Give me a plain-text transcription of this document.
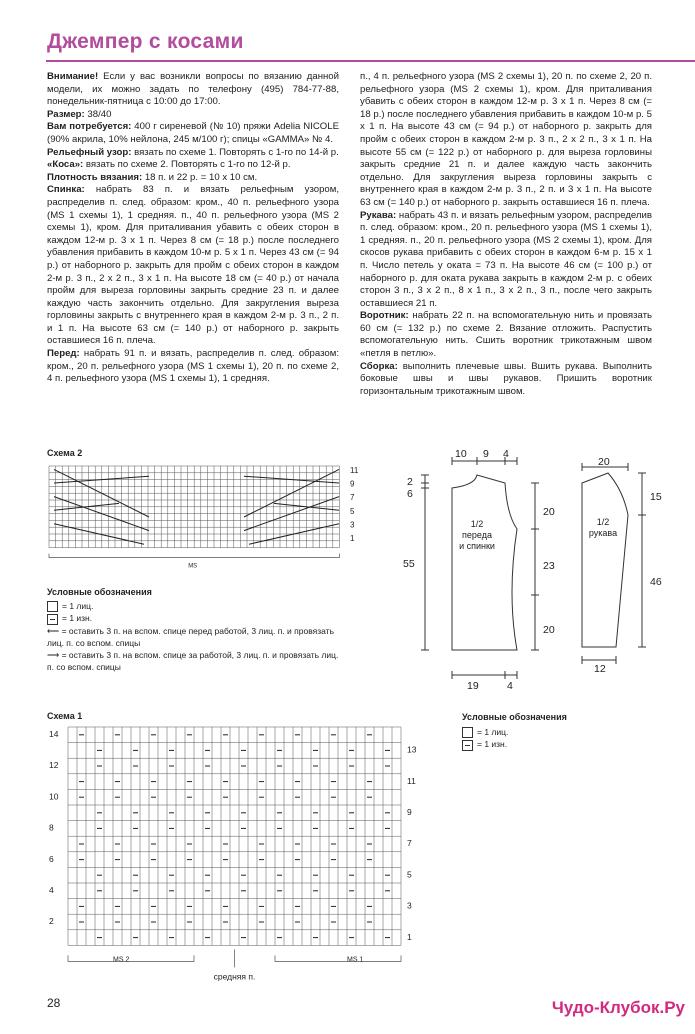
Джемпер с косами

Внимание! Если у вас возникли вопросы по вязанию данной модели, их можно задать по телефону (495) 784-77-88, понедельник-пятница с 10:00 до 17:00.

Размер: 38/40

Вам потребуется: 400 г сиреневой (№ 10) пряжи Adelia NICOLE (90% акрила, 10% нейлона, 245 м/100 г); спицы «GAMMA» № 4.

Рельефный узор: вязать по схеме 1. Повторять с 1-го по 14-й р.

«Коса»: вязать по схеме 2. Повторять с 1-го по 12-й р.

Плотность вязания: 18 п. и 22 р. = 10 х 10 см.

Спинка: набрать 83 п. и вязать рельефным узором, распределив п. след. образом: кром., 40 п. рельефного узора (MS 1 схемы 1), 1 средняя. п., 40 п. рельефного узора (MS 2 схемы 1), кром. Для приталивания убавить с обеих сторон в каждом 12-м р. 3 х 1 п. Через 8 см (= 18 р.) после последнего убавления прибавить в каждом 10-м р. 5 х 1 п. Через 43 см (= 94 р.) от наборного р. закрыть для пройм с обеих сторон в каждом 2-м р. 3 п., 2 х 2 п., 3 х 1 п. На высоте 18 см (= 40 р.) от начала пройм для выреза горловины закрыть средние 23 п. и далее каждую часть закончить отдельно. Для закругления выреза горловины закрыть с внутреннего края в каждом 2-м р. 3 п., 2 п. и 1 п. На высоте 63 см (= 140 р.) от наборного р. закрыть оставшиеся 16 п. плеча.

Перед: набрать 91 п. и вязать, распределив п. след. образом: кром., 20 п. рельефного узора (MS 1 схемы 1), 20 п. по схеме 2, 4 п. рельефного узора (MS 1 схемы 1), 1 средняя.

п., 4 п. рельефного узора (MS 2 схемы 1), 20 п. по схеме 2, 20 п. рельефного узора (MS 2 схемы 1), кром. Для приталивания убавить с обеих сторон в каждом 12-м р. 3 х 1 п. Через 8 см (= 18 р.) после последнего убавления прибавить в каждом 10-м р. 5 х 1 п. На высоте 43 см (= 94 р.) от наборного р. закрыть для пройм с обеих сторон в каждом 2-м р. 3 п., 2 х 2 п., 3 х 1 п. На высоте 55 см (= 122 р.) от наборного р. для выреза горловины закрыть средние 21 п. и далее каждую часть закончить отдельно. Для закругления выреза горловины закрыть с внутреннего края в каждом 2-м р. 3 п., 2 п. и 3 х 1 п. На высоте 63 см (= 140 р.) от наборного р. закрыть оставшиеся 16 п. плеча.

Рукава: набрать 43 п. и вязать рельефным узором, распределив п. след. образом: кром., 20 п. рельефного узора (MS 1 схемы 1), 1 средняя. п., 20 п. рельефного узора (MS 2 схемы 1), кром. Для скосов рукава прибавить с обеих сторон в каждом 6-м р. 15 х 1 п. Число петель у оката = 73 п. На высоте 46 см (= 100 р.) от наборного р. для оката рукава закрыть в каждом 2-м р. с обеих сторон 3 п., 3 х 2 п., 8 х 1 п., 3 х 2 п., 3 п., после чего закрыть оставшиеся 21 п.

Воротник: набрать 22 п. на вспомогательную нить и провязать 60 см (= 132 р.) по схеме 2. Вязание отложить. Распустить вспомогательную нить. Сшить воротник трикотажным швом «петля в петлю».

Сборка: выполнить плечевые швы. Вшить рукава. Выполнить боковые швы и швы рукавов. Пришить воротник горизонтальным трикотажным швом.

Схема 2
11
9
7
5
3
1
MS
Условные обозначения
= 1 лиц.
= 1 изн.
⟵ = оставить 3 п. на вспом. спице перед работой, 3 лиц. п. и провязать лиц. п. со вспом. спицы
⟶ = оставить 3 п. на вспом. спице за работой, 3 лиц. п. и провязать лиц. п. со вспом. спицы
Схема 1
14
12
10
8
6
4
2
13
11
9
7
5
3
1
MS 2	MS 1
средняя п.
Условные обозначения
= 1 лиц.
= 1 изн.
10 9 4
2
6
55
20
23
20
19	4
1/2
переда
и спинки
20
15
46
12
1/2
рукава
28	Чудо-Клубок.Ру
